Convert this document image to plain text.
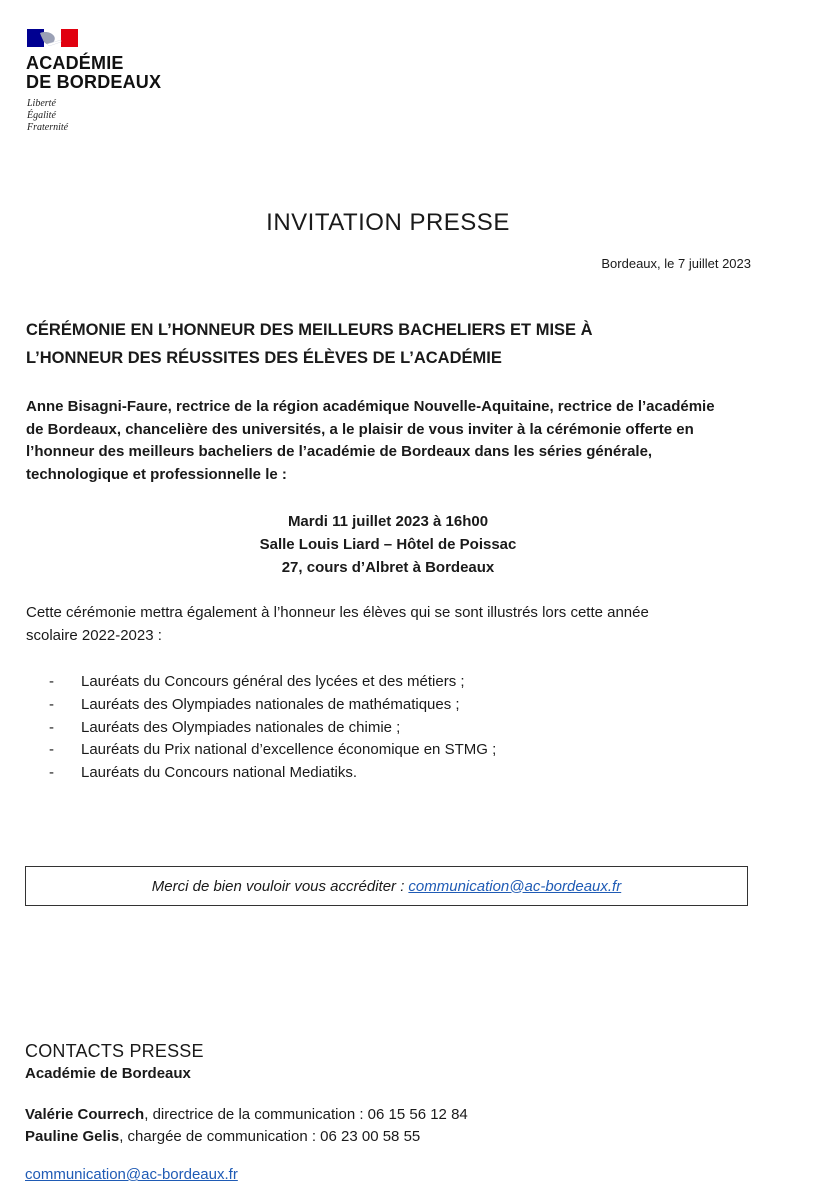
ACADÉMIE
DE BORDEAUX
Liberté
Égalité
Fraternité
INVITATION PRESSE
Bordeaux, le 7 juillet 2023
CÉRÉMONIE EN L’HONNEUR DES MEILLEURS BACHELIERS ET MISE À
L’HONNEUR DES RÉUSSITES DES ÉLÈVES DE L’ACADÉMIE
Anne Bisagni-Faure, rectrice de la région académique Nouvelle-Aquitaine, rectrice de l’académie
de Bordeaux, chancelière des universités, a le plaisir de vous inviter à la cérémonie offerte en
l’honneur des meilleurs bacheliers de l’académie de Bordeaux dans les séries générale,
technologique et professionnelle le :
Mardi 11 juillet 2023 à 16h00
Salle Louis Liard – Hôtel de Poissac
27, cours d’Albret à Bordeaux
Cette cérémonie mettra également à l’honneur les élèves qui se sont illustrés lors cette année
scolaire 2022-2023 :
-	Lauréats du Concours général des lycées et des métiers ;
-	Lauréats des Olympiades nationales de mathématiques ;
-	Lauréats des Olympiades nationales de chimie ;
-	Lauréats du Prix national d’excellence économique en STMG ;
-	Lauréats du Concours national Mediatiks.
Merci de bien vouloir vous accréditer : communication@ac-bordeaux.fr
CONTACTS PRESSE
Académie de Bordeaux
Valérie Courrech, directrice de la communication : 06 15 56 12 84
Pauline Gelis, chargée de communication : 06 23 00 58 55
communication@ac-bordeaux.fr
